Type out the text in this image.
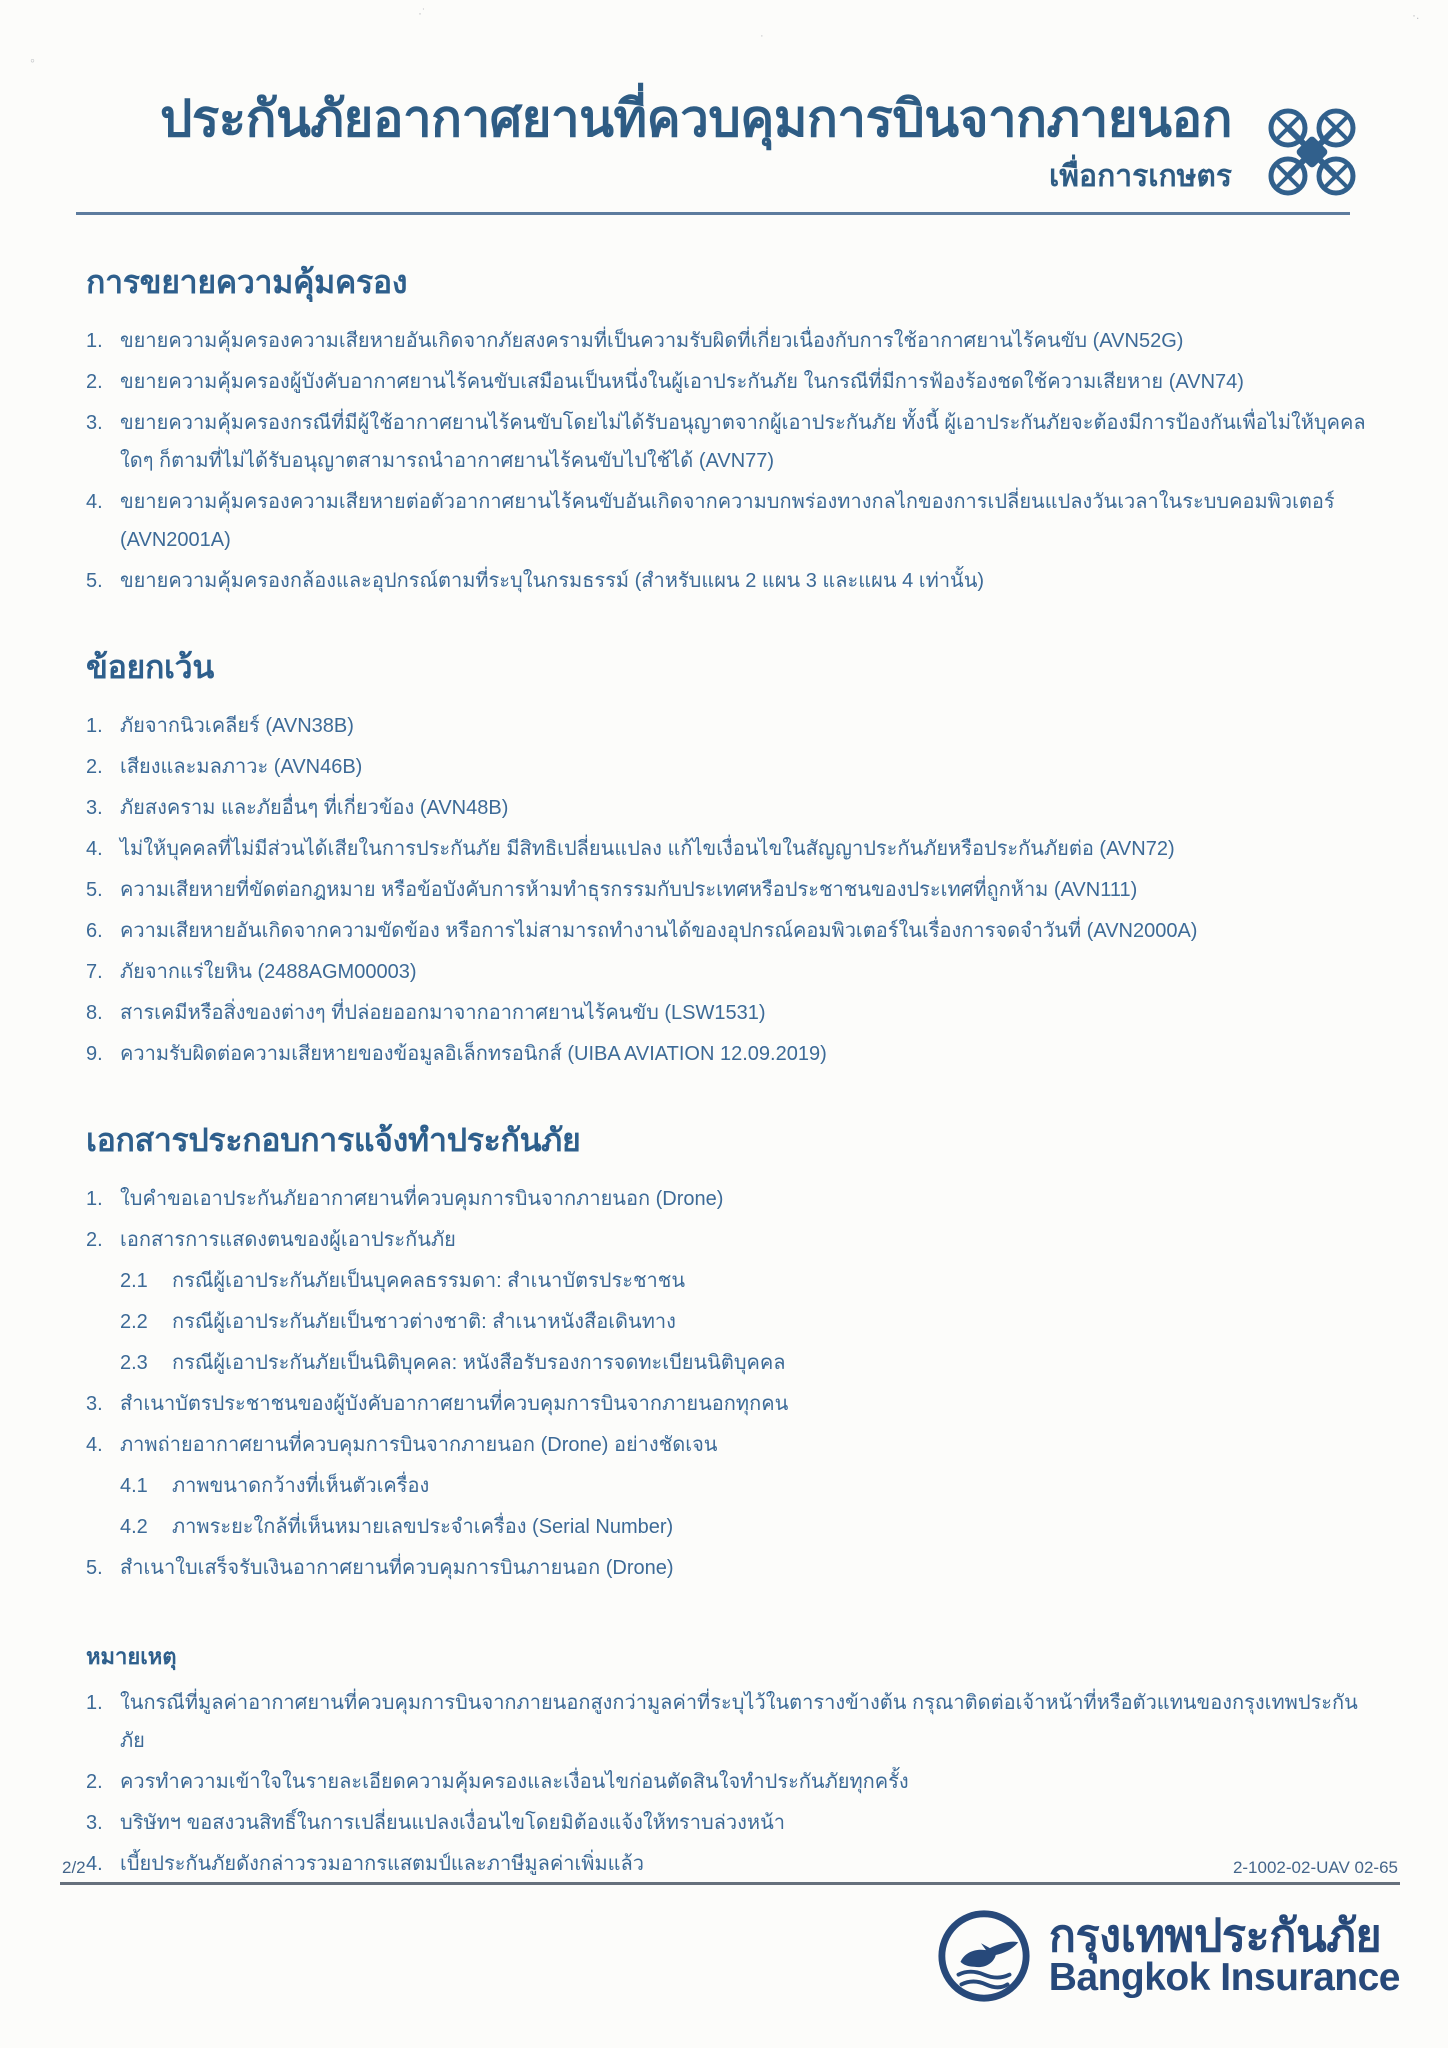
◦
·˙
·
·.
ประกันภัยอากาศยานที่ควบคุมการบินจากภายนอก
เพื่อการเกษตร
การขยายความคุ้มครอง
1. ขยายความคุ้มครองความเสียหายอันเกิดจากภัยสงครามที่เป็นความรับผิดที่เกี่ยวเนื่องกับการใช้อากาศยานไร้คนขับ (AVN52G)
2. ขยายความคุ้มครองผู้บังคับอากาศยานไร้คนขับเสมือนเป็นหนึ่งในผู้เอาประกันภัย ในกรณีที่มีการฟ้องร้องชดใช้ความเสียหาย (AVN74)
3. ขยายความคุ้มครองกรณีที่มีผู้ใช้อากาศยานไร้คนขับโดยไม่ได้รับอนุญาตจากผู้เอาประกันภัย ทั้งนี้ ผู้เอาประกันภัยจะต้องมีการป้องกันเพื่อไม่ให้บุคคลใดๆ ก็ตามที่ไม่ได้รับอนุญาตสามารถนำอากาศยานไร้คนขับไปใช้ได้ (AVN77)
4. ขยายความคุ้มครองความเสียหายต่อตัวอากาศยานไร้คนขับอันเกิดจากความบกพร่องทางกลไกของการเปลี่ยนแปลงวันเวลาในระบบคอมพิวเตอร์ (AVN2001A)
5. ขยายความคุ้มครองกล้องและอุปกรณ์ตามที่ระบุในกรมธรรม์ (สำหรับแผน 2 แผน 3 และแผน 4 เท่านั้น)
ข้อยกเว้น
1. ภัยจากนิวเคลียร์ (AVN38B)
2. เสียงและมลภาวะ (AVN46B)
3. ภัยสงคราม และภัยอื่นๆ ที่เกี่ยวข้อง (AVN48B)
4. ไม่ให้บุคคลที่ไม่มีส่วนได้เสียในการประกันภัย มีสิทธิเปลี่ยนแปลง แก้ไขเงื่อนไขในสัญญาประกันภัยหรือประกันภัยต่อ (AVN72)
5. ความเสียหายที่ขัดต่อกฎหมาย หรือข้อบังคับการห้ามทำธุรกรรมกับประเทศหรือประชาชนของประเทศที่ถูกห้าม (AVN111)
6. ความเสียหายอันเกิดจากความขัดข้อง หรือการไม่สามารถทำงานได้ของอุปกรณ์คอมพิวเตอร์ในเรื่องการจดจำวันที่ (AVN2000A)
7. ภัยจากแร่ใยหิน (2488AGM00003)
8. สารเคมีหรือสิ่งของต่างๆ ที่ปล่อยออกมาจากอากาศยานไร้คนขับ (LSW1531)
9. ความรับผิดต่อความเสียหายของข้อมูลอิเล็กทรอนิกส์ (UIBA AVIATION 12.09.2019)
เอกสารประกอบการแจ้งทำประกันภัย
1. ใบคำขอเอาประกันภัยอากาศยานที่ควบคุมการบินจากภายนอก (Drone)
2. เอกสารการแสดงตนของผู้เอาประกันภัย
2.1	กรณีผู้เอาประกันภัยเป็นบุคคลธรรมดา: สำเนาบัตรประชาชน
2.2	กรณีผู้เอาประกันภัยเป็นชาวต่างชาติ: สำเนาหนังสือเดินทาง
2.3	กรณีผู้เอาประกันภัยเป็นนิติบุคคล: หนังสือรับรองการจดทะเบียนนิติบุคคล
3. สำเนาบัตรประชาชนของผู้บังคับอากาศยานที่ควบคุมการบินจากภายนอกทุกคน
4. ภาพถ่ายอากาศยานที่ควบคุมการบินจากภายนอก (Drone) อย่างชัดเจน
4.1	ภาพขนาดกว้างที่เห็นตัวเครื่อง
4.2	ภาพระยะใกล้ที่เห็นหมายเลขประจำเครื่อง (Serial Number)
5. สำเนาใบเสร็จรับเงินอากาศยานที่ควบคุมการบินภายนอก (Drone)
หมายเหตุ
1. ในกรณีที่มูลค่าอากาศยานที่ควบคุมการบินจากภายนอกสูงกว่ามูลค่าที่ระบุไว้ในตารางข้างต้น กรุณาติดต่อเจ้าหน้าที่หรือตัวแทนของกรุงเทพประกันภัย
2. ควรทำความเข้าใจในรายละเอียดความคุ้มครองและเงื่อนไขก่อนตัดสินใจทำประกันภัยทุกครั้ง
3. บริษัทฯ ขอสงวนสิทธิ์ในการเปลี่ยนแปลงเงื่อนไขโดยมิต้องแจ้งให้ทราบล่วงหน้า
4. เบี้ยประกันภัยดังกล่าวรวมอากรแสตมป์และภาษีมูลค่าเพิ่มแล้ว
2/2	2-1002-02-UAV 02-65
กรุงเทพประกันภัย
Bangkok Insurance
